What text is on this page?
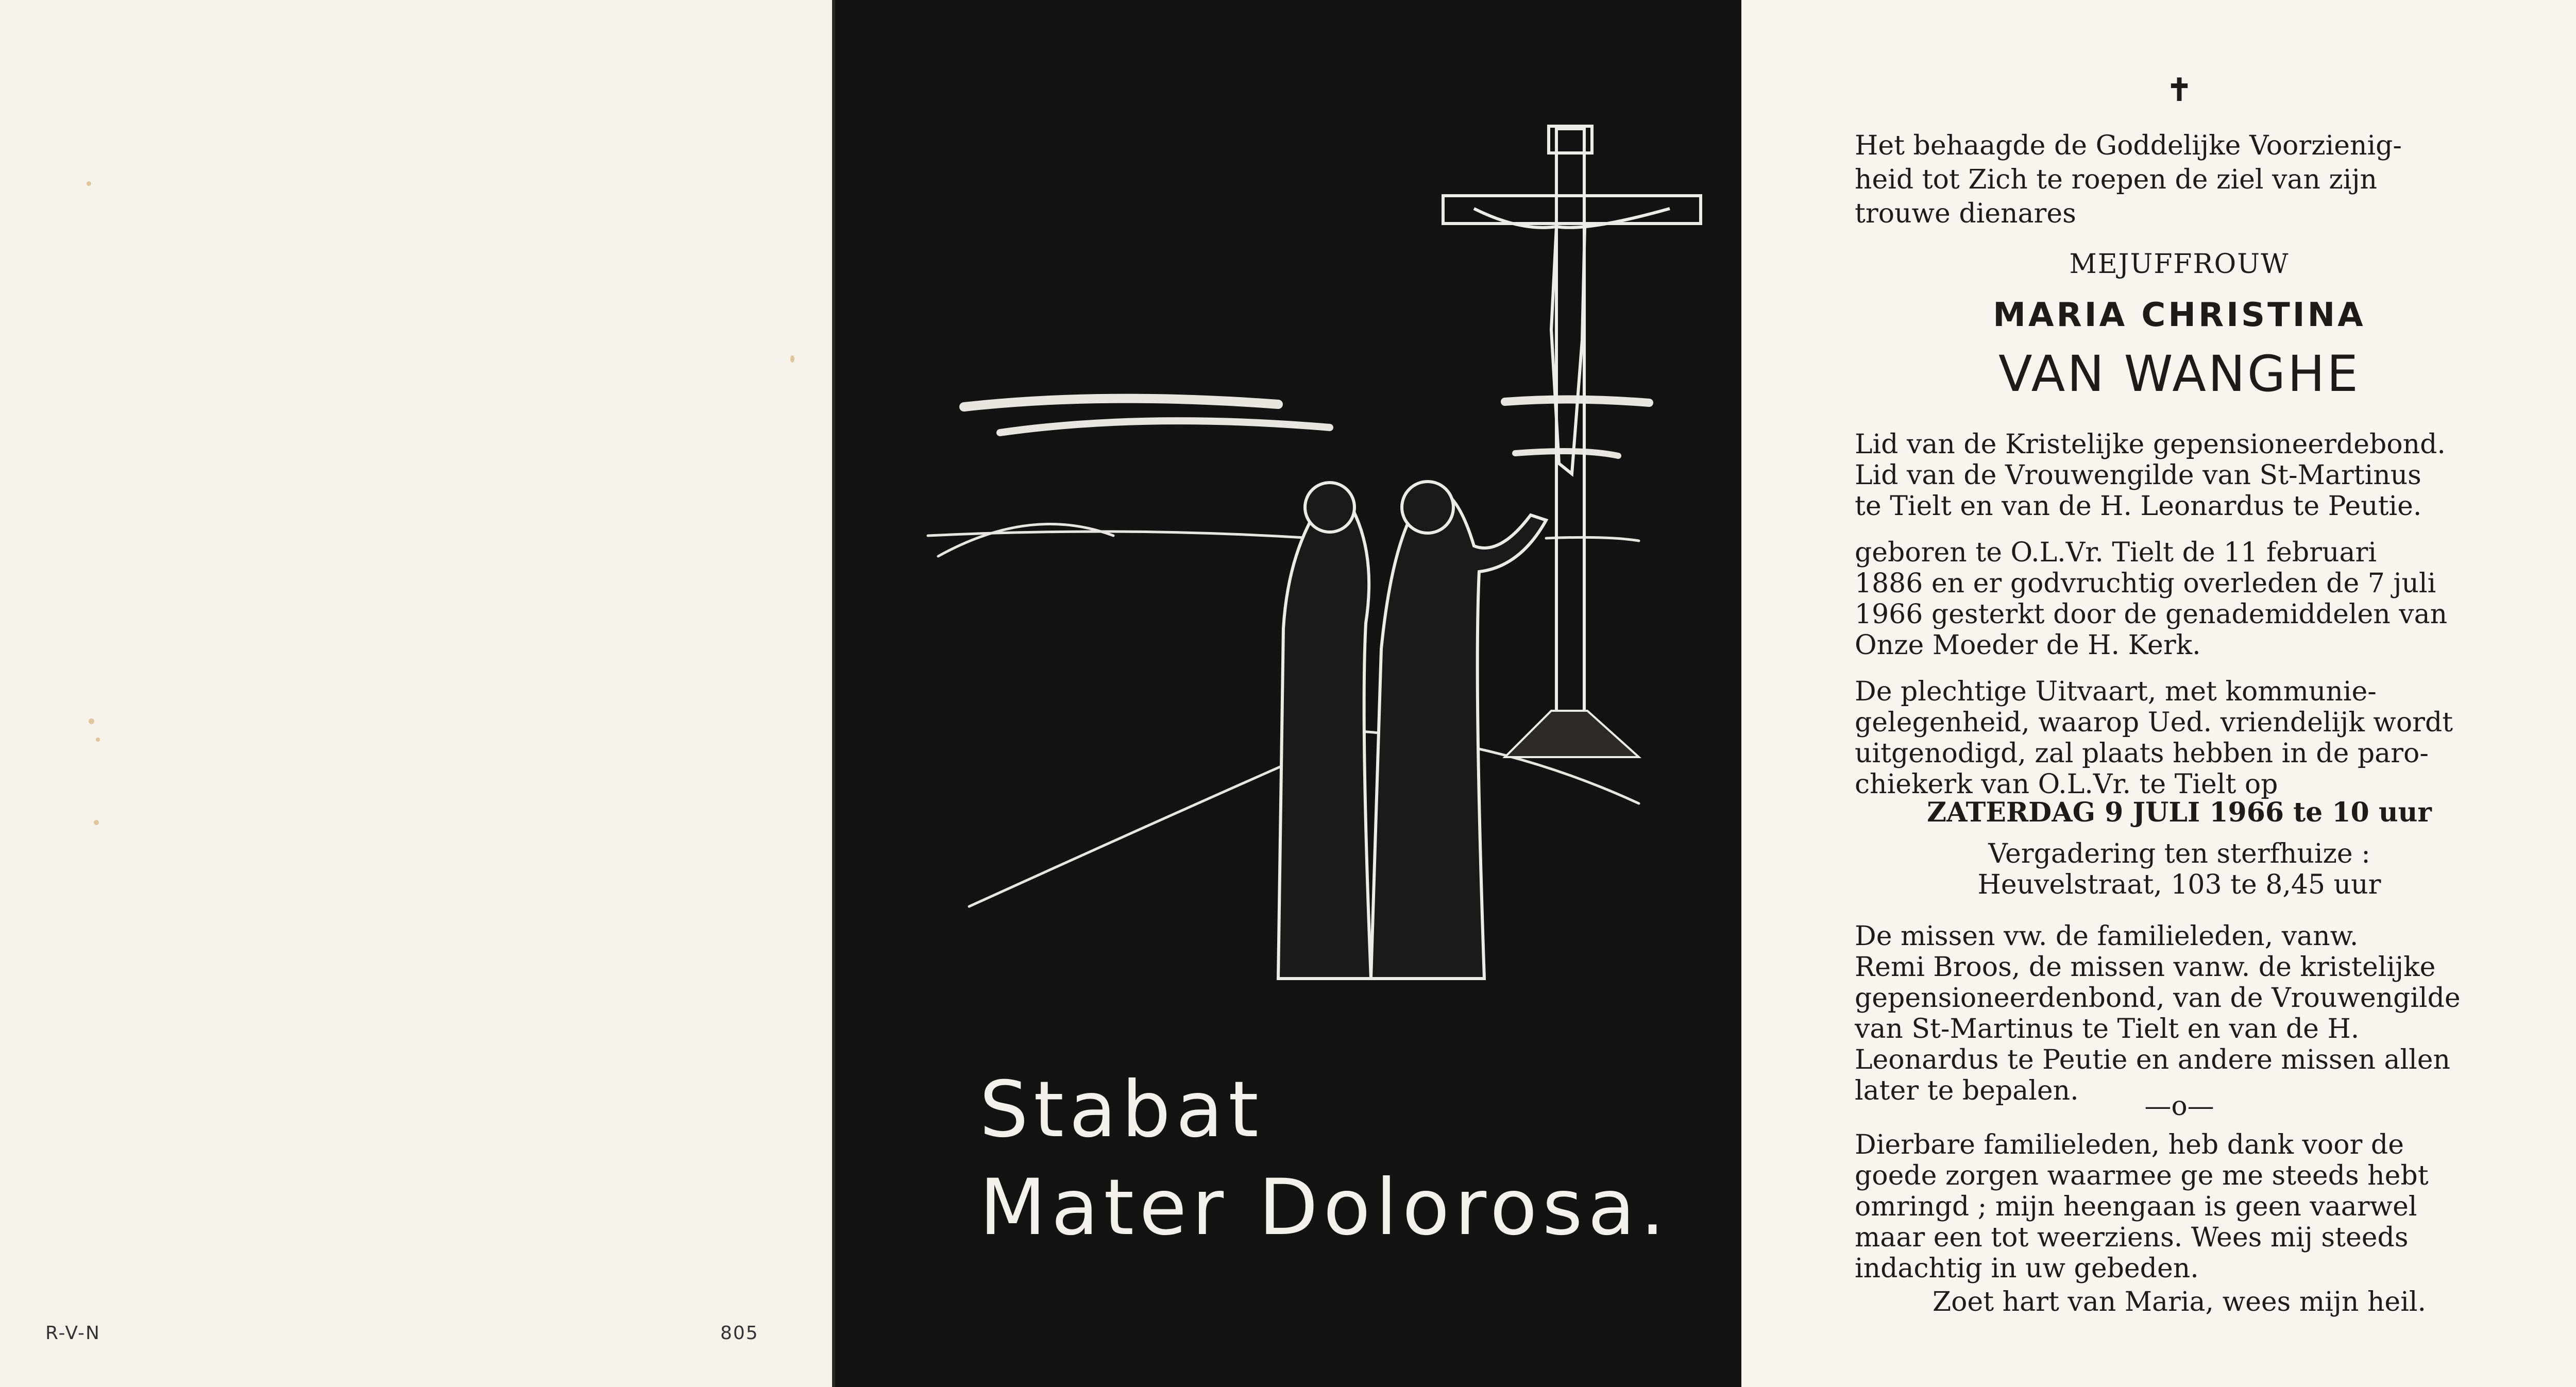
R-V-N	805
Stabat
Mater Dolorosa.
✝
Het behaagde de Goddelijke Voorzienig-
heid tot Zich te roepen de ziel van zijn
trouwe dienares
MEJUFFROUW
MARIA CHRISTINA
VAN WANGHE
Lid van de Kristelijke gepensioneerdebond.
Lid van de Vrouwengilde van St-Martinus
te Tielt en van de H. Leonardus te Peutie.
geboren te O.L.Vr. Tielt de 11 februari
1886 en er godvruchtig overleden de 7 juli
1966 gesterkt door de genademiddelen van
Onze Moeder de H. Kerk.
De plechtige Uitvaart, met kommunie-
gelegenheid, waarop Ued. vriendelijk wordt
uitgenodigd, zal plaats hebben in de paro-
chiekerk van O.L.Vr. te Tielt op
ZATERDAG 9 JULI 1966 te 10 uur
Vergadering ten sterfhuize :
Heuvelstraat, 103 te 8,45 uur
De missen vw. de familieleden, vanw.
Remi Broos, de missen vanw. de kristelijke
gepensioneerdenbond, van de Vrouwengilde
van St-Martinus te Tielt en van de H.
Leonardus te Peutie en andere missen allen
later te bepalen.	—o—
Dierbare familieleden, heb dank voor de
goede zorgen waarmee ge me steeds hebt
omringd ; mijn heengaan is geen vaarwel
maar een tot weerziens. Wees mij steeds
indachtig in uw gebeden.
Zoet hart van Maria, wees mijn heil.
